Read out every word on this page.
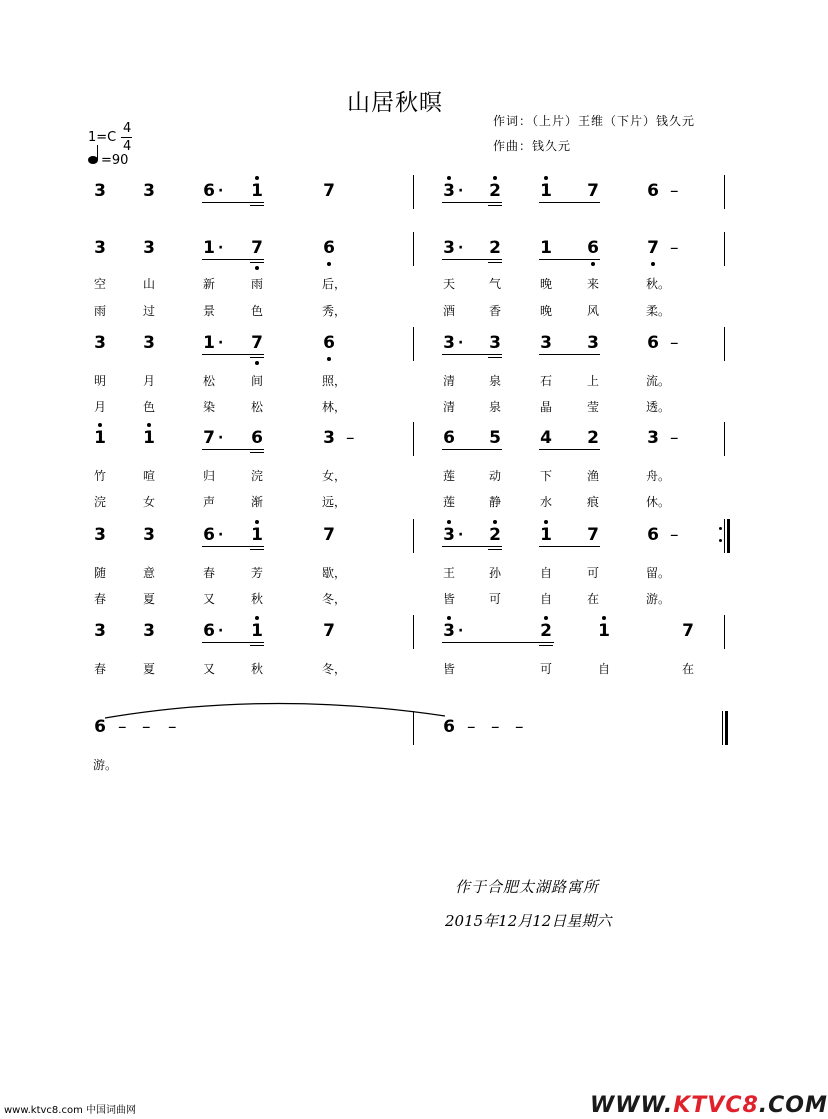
山居秋暝
作词：（上片）王维（下片）钱久元
作曲：钱久元
1=C
4
4
=90
3 3	6 · 1	7	3 · 2 1 7	6 –
3 3	1 · 7	6	3 · 2 1 6	7 –
空	山	新	雨	后，	天	气	晚	来	秋。
雨	过	景	色	秀，	酒	香	晚	风	柔。
3 3	1 · 7	6	3 · 3 3 3	6 –
明	月	松	间	照，	清	泉	石	上	流。
月	色	染	松	林，	清	泉	晶	莹	透。
1 1	7 · 6	3 –	6 5 4 2	3 –
竹	喧	归	浣	女，	莲	动	下	渔	舟。
浣	女	声	渐	远，	莲	静	水	痕	休。
3 3	6 · 1	7	3 · 2 1 7	6 –
随	意	春	芳	歇，	王	孙	自	可	留。
春	夏	又	秋	冬，	皆	可	自	在	游。
3 3	6 · 1	7	3 ·	2	1	7
春	夏	又	秋	冬，	皆	可	自	在
6 – – –	6 – – –
游。
作于合肥太湖路寓所
2015年12月12日星期六
www.ktvc8.com 中国词曲网	WWW.KTVC8.COM
